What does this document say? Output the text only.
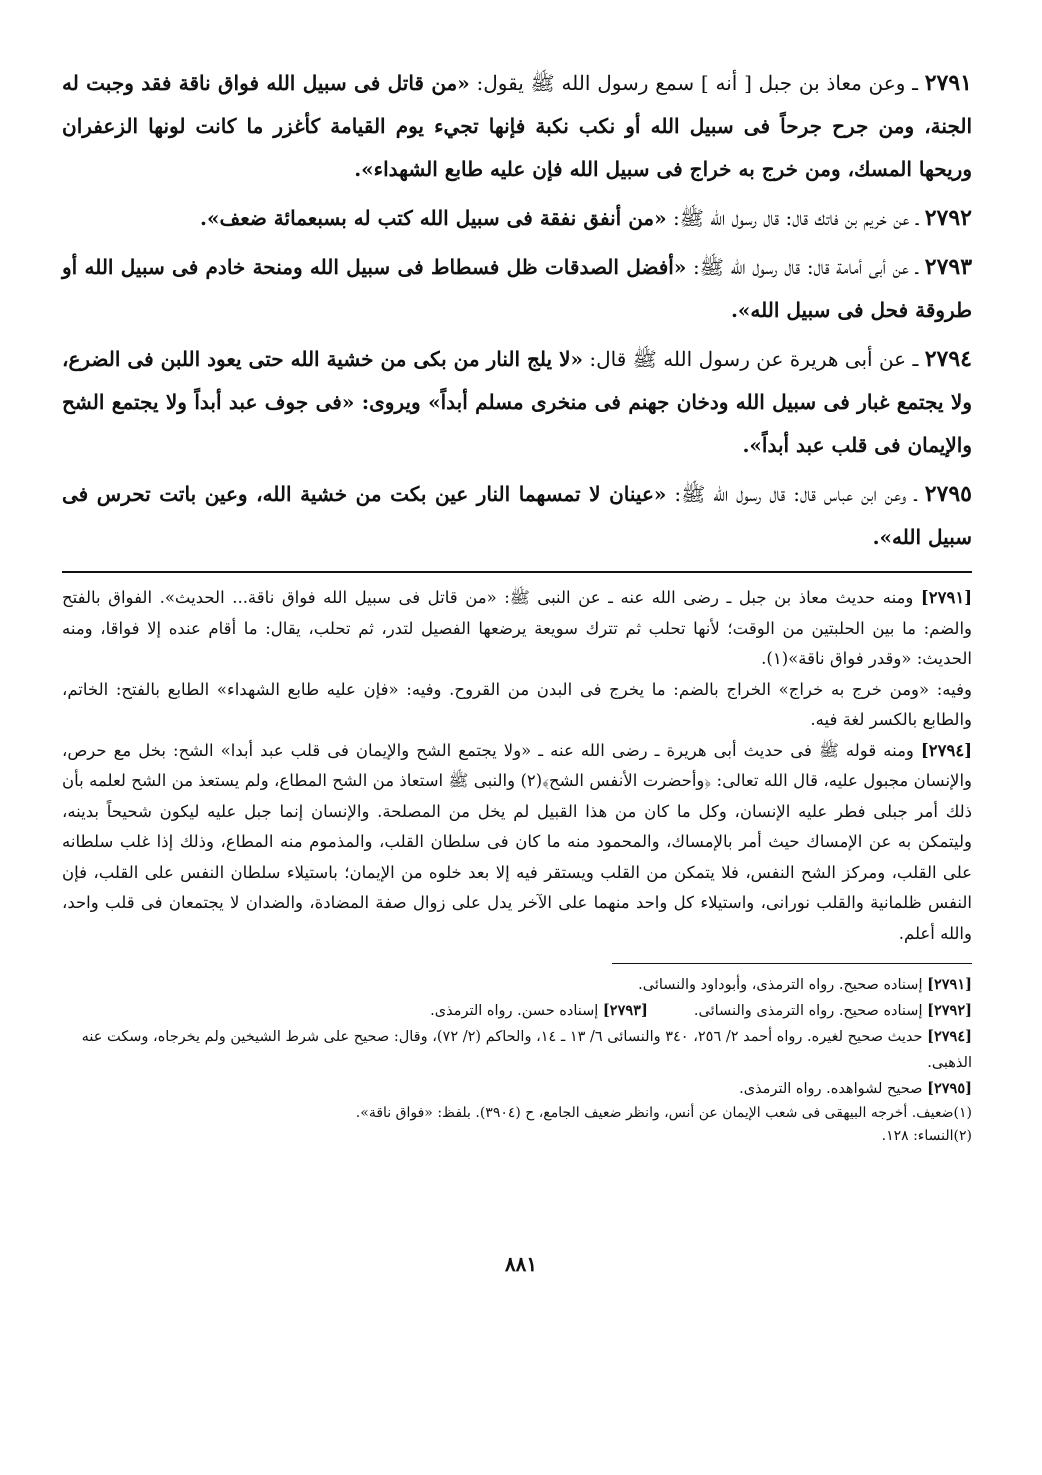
٢٧٩١ ـ وعن معاذ بن جبل [ أنه ] سمع رسول الله ﷺ يقول: «من قاتل فى سبيل الله فواق ناقة فقد وجبت له الجنة، ومن جرح جرحاً فى سبيل الله أو نكب نكبة فإنها تجيء يوم القيامة كأغزر ما كانت لونها الزعفران وريحها المسك، ومن خرج به خراج فى سبيل الله فإن عليه طابع الشهداء».

٢٧٩٢ ـ عن خريم بن فاتك قال: قال رسول الله ﷺ: «من أنفق نفقة فى سبيل الله كتب له بسبعمائة ضعف».

٢٧٩٣ ـ عن أبى أمامة قال: قال رسول الله ﷺ: «أفضل الصدقات ظل فسطاط فى سبيل الله ومنحة خادم فى سبيل الله أو طروقة فحل فى سبيل الله».

٢٧٩٤ ـ عن أبى هريرة عن رسول الله ﷺ قال: «لا يلج النار من بكى من خشية الله حتى يعود اللبن فى الضرع، ولا يجتمع غبار فى سبيل الله ودخان جهنم فى منخرى مسلم أبداً» ويروى: «فى جوف عبد أبداً ولا يجتمع الشح والإيمان فى قلب عبد أبداً».

٢٧٩٥ ـ وعن ابن عباس قال: قال رسول الله ﷺ: «عينان لا تمسهما النار عين بكت من خشية الله، وعين باتت تحرس فى سبيل الله».

[٢٧٩١] ومنه حديث معاذ بن جبل ـ رضى الله عنه ـ عن النبى ﷺ: «من قاتل فى سبيل الله فواق ناقة... الحديث». الفواق بالفتح والضم: ما بين الحلبتين من الوقت؛ لأنها تحلب ثم تترك سويعة يرضعها الفصيل لتدر، ثم تحلب، يقال: ما أقام عنده إلا فواقا، ومنه الحديث: «وقدر فواق ناقة»(١).

وفيه: «ومن خرج به خراج» الخراج بالضم: ما يخرج فى البدن من القروح. وفيه: «فإن عليه طابع الشهداء» الطابع بالفتح: الخاتم، والطابع بالكسر لغة فيه.

[٢٧٩٤] ومنه قوله ﷺ فى حديث أبى هريرة ـ رضى الله عنه ـ «ولا يجتمع الشح والإيمان فى قلب عبد أبدا» الشح: بخل مع حرص، والإنسان مجبول عليه، قال الله تعالى: ﴿وأحضرت الأنفس الشح﴾(٢) والنبى ﷺ استعاذ من الشح المطاع، ولم يستعذ من الشح لعلمه بأن ذلك أمر جبلى فطر عليه الإنسان، وكل ما كان من هذا القبيل لم يخل من المصلحة. والإنسان إنما جبل عليه ليكون شحيحاً بدينه، وليتمكن به عن الإمساك حيث أمر بالإمساك، والمحمود منه ما كان فى سلطان القلب، والمذموم منه المطاع، وذلك إذا غلب سلطانه على القلب، ومركز الشح النفس، فلا يتمكن من القلب ويستقر فيه إلا بعد خلوه من الإيمان؛ باستيلاء سلطان النفس على القلب، فإن النفس ظلمانية والقلب نورانى، واستيلاء كل واحد منهما على الآخر يدل على زوال صفة المضادة، والضدان لا يجتمعان فى قلب واحد، والله أعلم.

[٢٧٩١] إسناده صحيح. رواه الترمذى، وأبوداود والنسائى.

[٢٧٩٢] إسناده صحيح. رواه الترمذى والنسائى.          [٢٧٩٣] إسناده حسن. رواه الترمذى.

[٢٧٩٤] حديث صحيح لغيره. رواه أحمد ٢/ ٢٥٦، ٣٤٠ والنسائى ٦/ ١٣ ـ ١٤، والحاكم (٢/ ٧٢)، وقال: صحيح على شرط الشيخين ولم يخرجاه، وسكت عنه الذهبى.

[٢٧٩٥] صحيح لشواهده. رواه الترمذى.

(١)ضعيف. أخرجه البيهقى فى شعب الإيمان عن أنس، وانظر ضعيف الجامع، ح (٣٩٠٤). بلفظ: «فواق ناقة».

(٢)النساء: ١٢٨.

٨٨١
